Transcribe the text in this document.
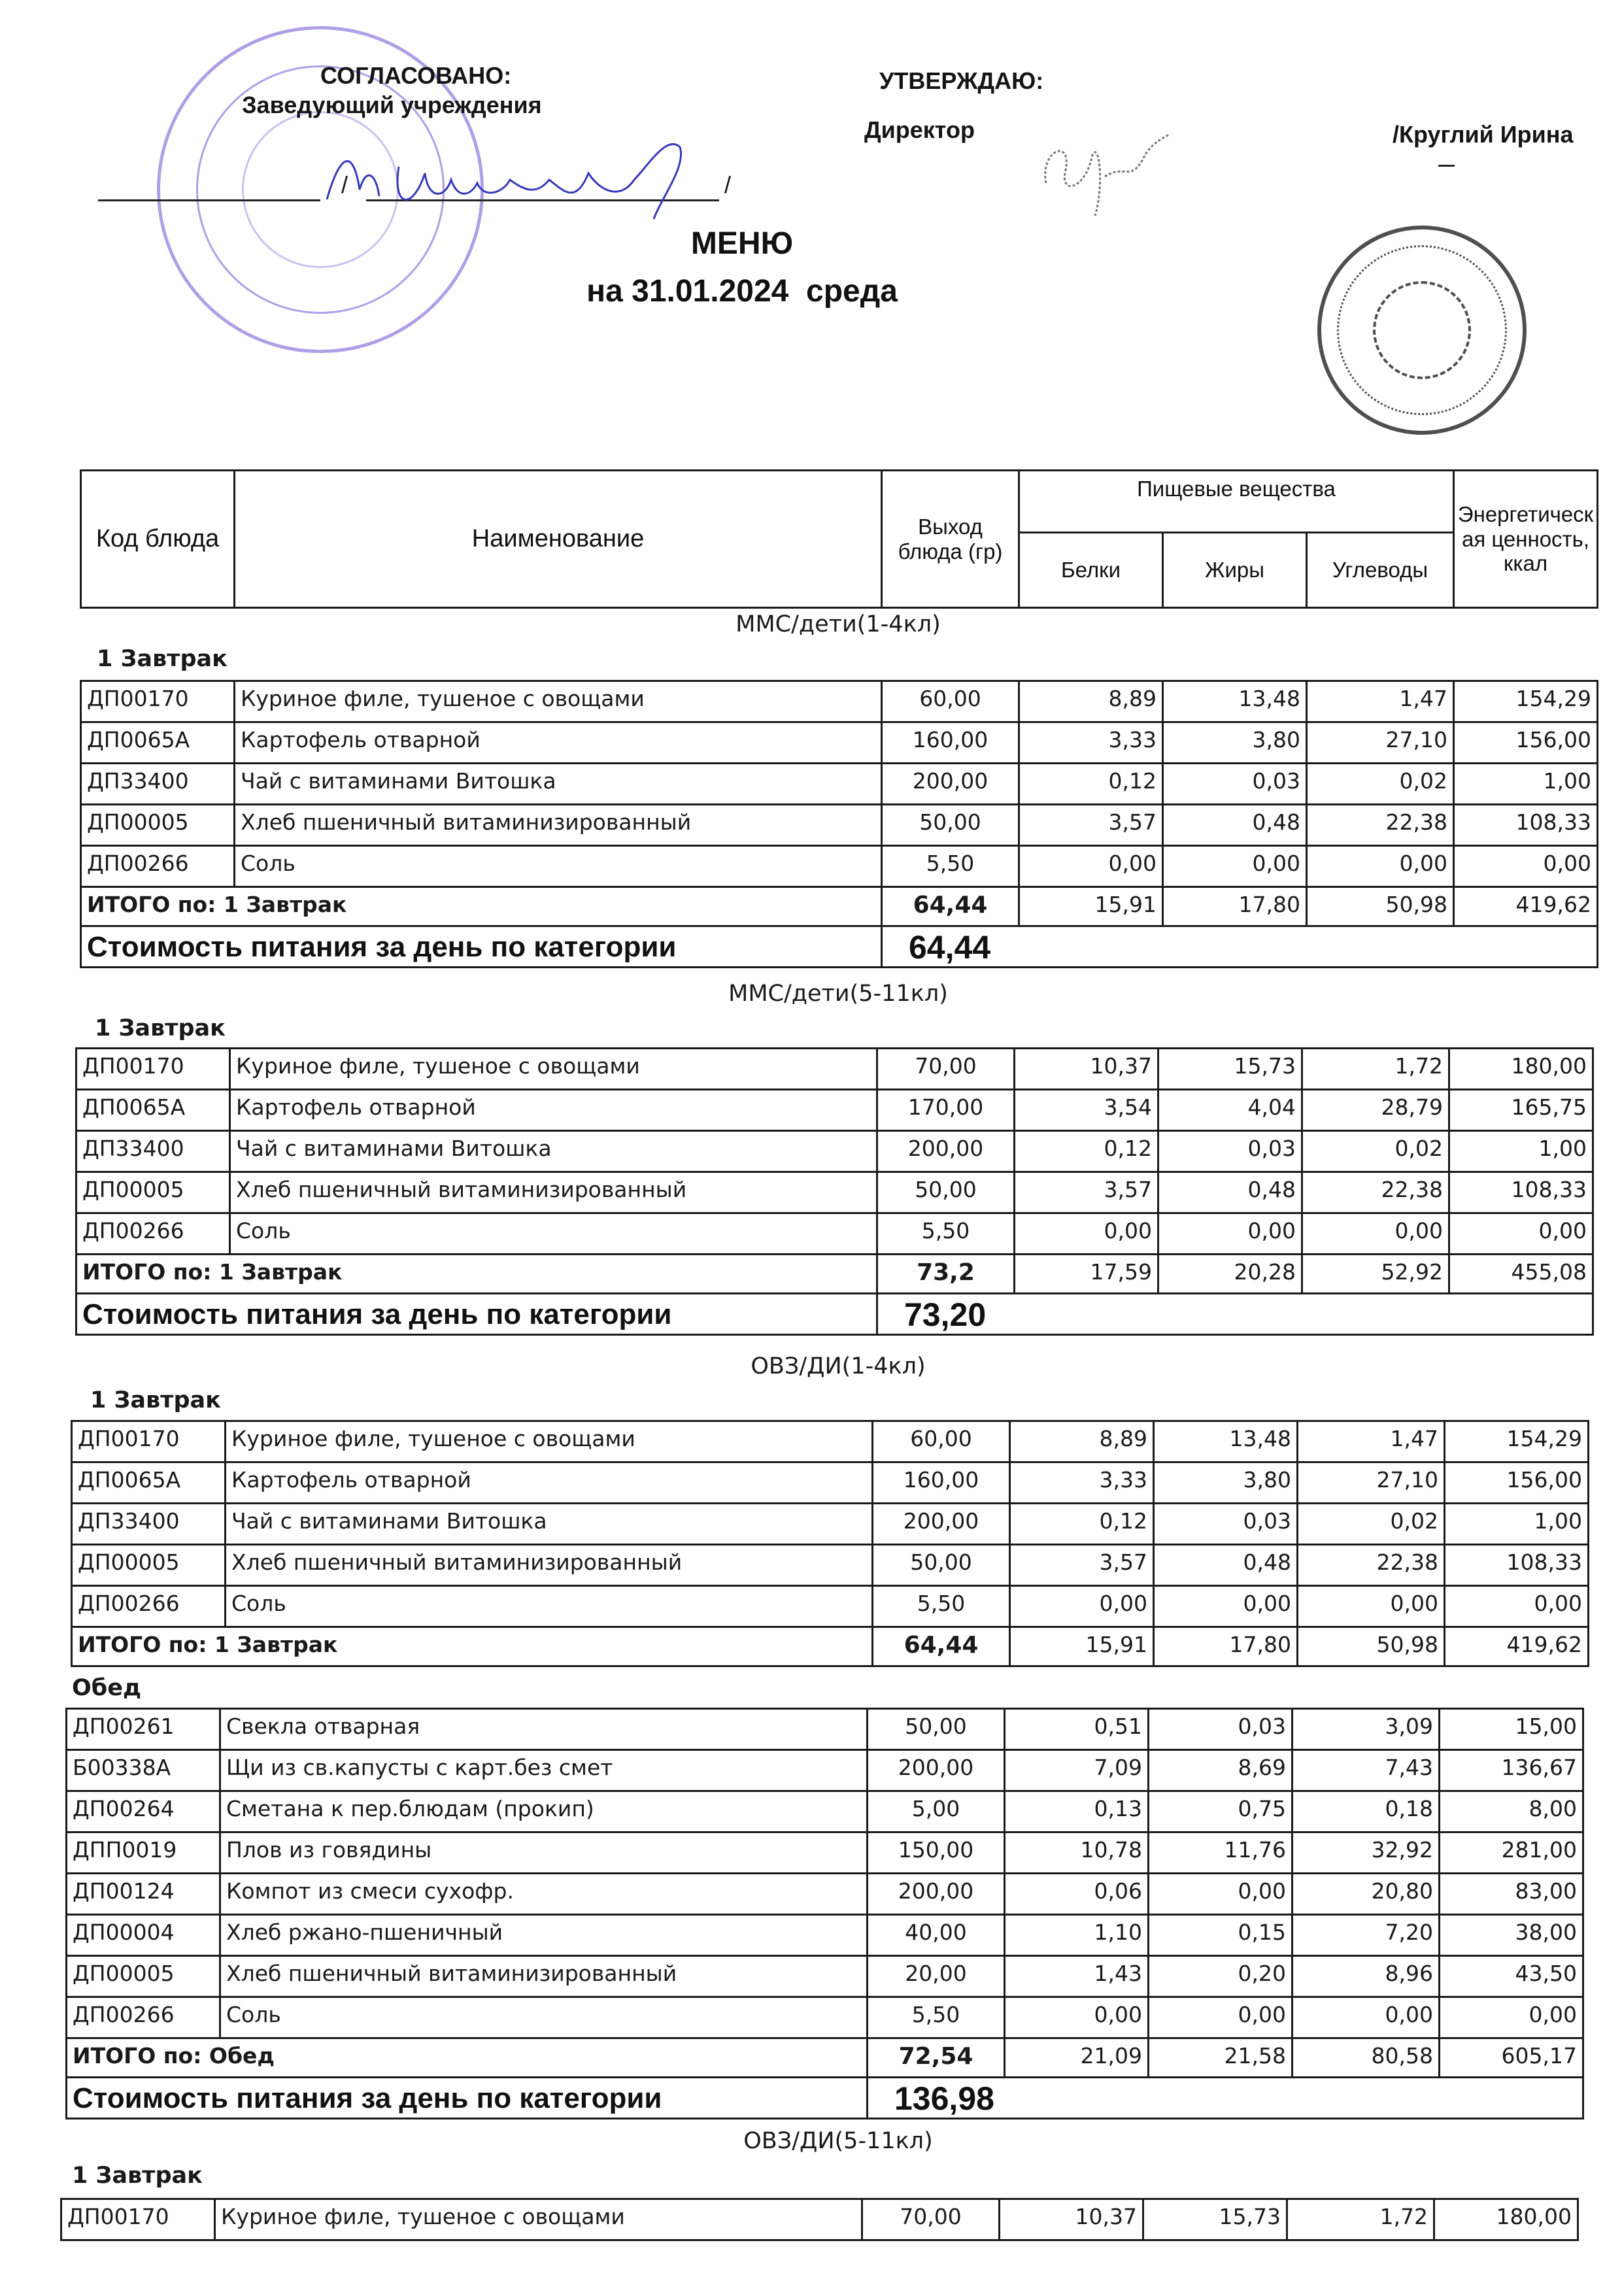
СОГЛАСОВАНО:
Заведующий учреждения
/	/
УТВЕРЖДАЮ:
Директор	/Круглий Ирина
МЕНЮ
на 31.01.2024  среда
Код блюда	Наименование	Выход блюда (гр)	Пищевые вещества			Энергетическая ценность, ккал
			Белки	Жиры	Углеводы	
ММС/дети(1-4кл)
1 Завтрак
ДП00170	Куриное филе, тушеное с овощами	60,00	8,89	13,48	1,47	154,29
ДП0065А	Картофель отварной	160,00	3,33	3,80	27,10	156,00
ДП33400	Чай с витаминами Витошка	200,00	0,12	0,03	0,02	1,00
ДП00005	Хлеб пшеничный витаминизированный	50,00	3,57	0,48	22,38	108,33
ДП00266	Соль	5,50	0,00	0,00	0,00	0,00
ИТОГО по: 1 Завтрак		64,44	15,91	17,80	50,98	419,62
Стоимость питания за день по категории		64,44				
ММС/дети(5-11кл)
1 Завтрак
ДП00170	Куриное филе, тушеное с овощами	70,00	10,37	15,73	1,72	180,00
ДП0065А	Картофель отварной	170,00	3,54	4,04	28,79	165,75
ДП33400	Чай с витаминами Витошка	200,00	0,12	0,03	0,02	1,00
ДП00005	Хлеб пшеничный витаминизированный	50,00	3,57	0,48	22,38	108,33
ДП00266	Соль	5,50	0,00	0,00	0,00	0,00
ИТОГО по: 1 Завтрак		73,2	17,59	20,28	52,92	455,08
Стоимость питания за день по категории		73,20				
ОВЗ/ДИ(1-4кл)
1 Завтрак
ДП00170	Куриное филе, тушеное с овощами	60,00	8,89	13,48	1,47	154,29
ДП0065А	Картофель отварной	160,00	3,33	3,80	27,10	156,00
ДП33400	Чай с витаминами Витошка	200,00	0,12	0,03	0,02	1,00
ДП00005	Хлеб пшеничный витаминизированный	50,00	3,57	0,48	22,38	108,33
ДП00266	Соль	5,50	0,00	0,00	0,00	0,00
ИТОГО по: 1 Завтрак		64,44	15,91	17,80	50,98	419,62
Обед
ДП00261	Свекла отварная	50,00	0,51	0,03	3,09	15,00
Б00338А	Щи из св.капусты с карт.без смет	200,00	7,09	8,69	7,43	136,67
ДП00264	Сметана к пер.блюдам (прокип)	5,00	0,13	0,75	0,18	8,00
ДПП0019	Плов из говядины	150,00	10,78	11,76	32,92	281,00
ДП00124	Компот из смеси сухофр.	200,00	0,06	0,00	20,80	83,00
ДП00004	Хлеб ржано-пшеничный	40,00	1,10	0,15	7,20	38,00
ДП00005	Хлеб пшеничный витаминизированный	20,00	1,43	0,20	8,96	43,50
ДП00266	Соль	5,50	0,00	0,00	0,00	0,00
ИТОГО по: Обед		72,54	21,09	21,58	80,58	605,17
Стоимость питания за день по категории		136,98				
ОВЗ/ДИ(5-11кл)
1 Завтрак
ДП00170	Куриное филе, тушеное с овощами	70,00	10,37	15,73	1,72	180,00
